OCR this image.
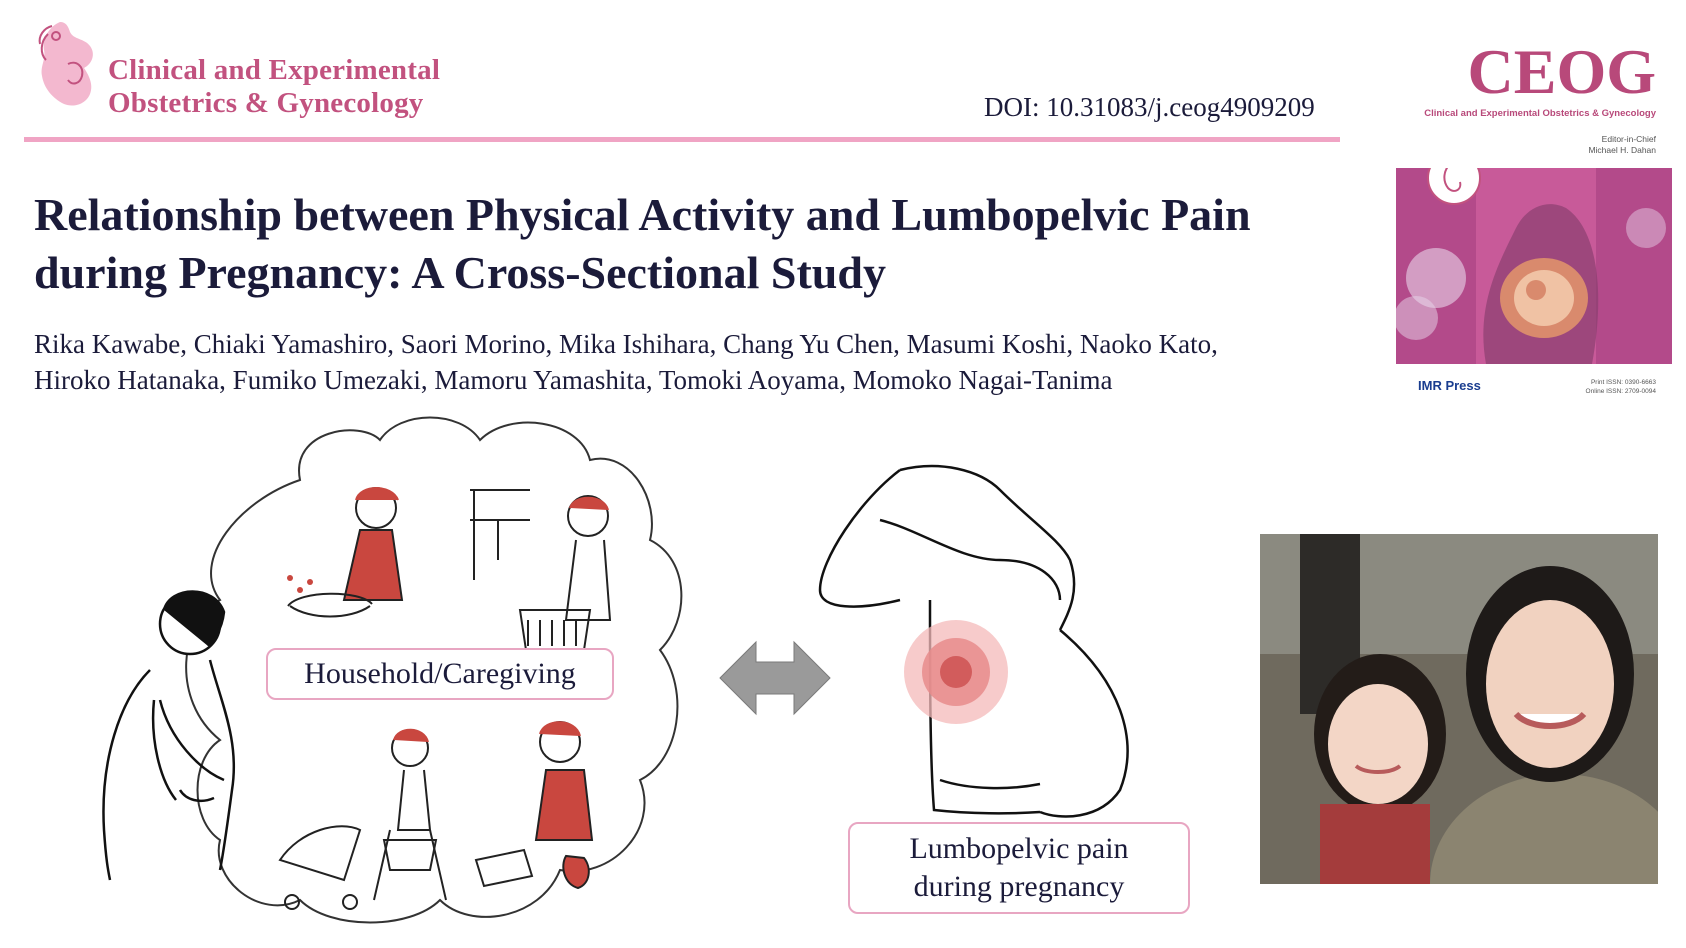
Clinical and Experimental
Obstetrics & Gynecology	DOI: 10.31083/j.ceog4909209
Relationship between Physical Activity and Lumbopelvic Pain
during Pregnancy: A Cross-Sectional Study
Rika Kawabe, Chiaki Yamashiro, Saori Morino, Mika Ishihara, Chang Yu Chen, Masumi Koshi, Naoko Kato,
Hiroko Hatanaka, Fumiko Umezaki, Mamoru Yamashita, Tomoki Aoyama, Momoko Nagai-Tanima
CEOG
Clinical and Experimental Obstetrics & Gynecology
Editor-in-Chief
Michael H. Dahan
IMR Press	Print ISSN: 0390-6663
Online ISSN: 2709-0094
Household/Caregiving
Lumbopelvic pain
during pregnancy
